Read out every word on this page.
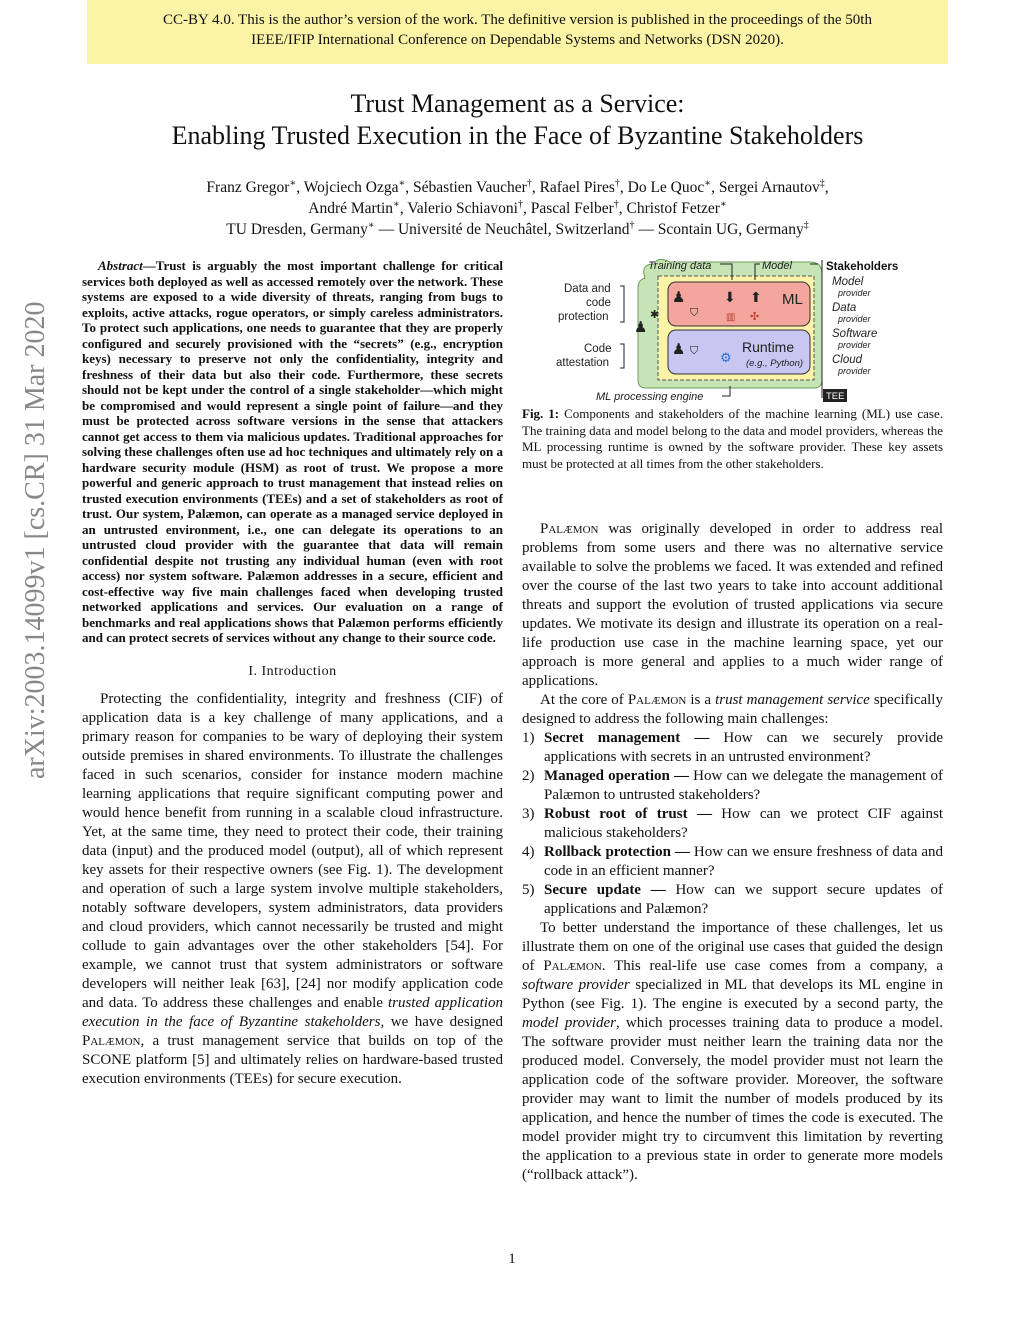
CC-BY 4.0. This is the author’s version of the work. The definitive version is published in the proceedings of the 50th
IEEE/IFIP International Conference on Dependable Systems and Networks (DSN 2020).
arXiv:2003.14099v1 [cs.CR] 31 Mar 2020
Trust Management as a Service:
Enabling Trusted Execution in the Face of Byzantine Stakeholders
Franz Gregor∗, Wojciech Ozga∗, Sébastien Vaucher†, Rafael Pires†, Do Le Quoc∗, Sergei Arnautov‡,
André Martin∗, Valerio Schiavoni†, Pascal Felber†, Christof Fetzer∗
TU Dresden, Germany∗ — Université de Neuchâtel, Switzerland† — Scontain UG, Germany‡

Abstract—Trust is arguably the most important challenge for critical services both deployed as well as accessed remotely over the network. These systems are exposed to a wide diversity of threats, ranging from bugs to exploits, active attacks, rogue operators, or simply careless administrators. To protect such applications, one needs to guarantee that they are properly configured and securely provisioned with the “secrets” (e.g., encryption keys) necessary to preserve not only the confidentiality, integrity and freshness of their data but also their code. Furthermore, these secrets should not be kept under the control of a single stakeholder—which might be compromised and would represent a single point of failure—and they must be protected across software versions in the sense that attackers cannot get access to them via malicious updates. Traditional approaches for solving these challenges often use ad hoc techniques and ultimately rely on a hardware security module (HSM) as root of trust. We propose a more powerful and generic approach to trust management that instead relies on trusted execution environments (TEEs) and a set of stakeholders as root of trust. Our system, Palæmon, can operate as a managed service deployed in an untrusted environment, i.e., one can delegate its operations to an untrusted cloud provider with the guarantee that data will remain confidential despite not trusting any individual human (even with root access) nor system software. Palæmon addresses in a secure, efficient and cost-effective way five main challenges faced when developing trusted networked applications and services. Our evaluation on a range of benchmarks and real applications shows that Palæmon performs efficiently and can protect secrets of services without any change to their source code.

I. Introduction

Protecting the confidentiality, integrity and freshness (CIF) of application data is a key challenge of many applications, and a primary reason for companies to be wary of deploying their system outside premises in shared environments. To illustrate the challenges faced in such scenarios, consider for instance modern machine learning applications that require significant computing power and would hence benefit from running in a scalable cloud infrastructure. Yet, at the same time, they need to protect their code, their training data (input) and the produced model (output), all of which represent key assets for their respective owners (see Fig. 1). The development and operation of such a large system involve multiple stakeholders, notably software developers, system administrators, data providers and cloud providers, which cannot necessarily be trusted and might collude to gain advantages over the other stakeholders [54]. For example, we cannot trust that system administrators or software developers will neither leak [63], [24] nor modify application code and data. To address these challenges and enable trusted application execution in the face of Byzantine stakeholders, we have designed Palæmon, a trust management service that builds on top of the SCONE platform [5] and ultimately relies on hardware-based trusted execution environments (TEEs) for secure execution.

Training data	Model	Stakeholders
♟	⬇ ⬆
▥ ✣
⛉
ML
♟ ⛉ ⚙
Runtime
(e.g., Python)
♟
✱
Data and
code
protection
Code
attestation
ML processing engine	TEE
Model
provider
Data
provider
Software
provider
Cloud
provider
Fig. 1: Components and stakeholders of the machine learning (ML) use case. The training data and model belong to the data and model providers, whereas the ML processing runtime is owned by the software provider. These key assets must be protected at all times from the other stakeholders.

Palæmon was originally developed in order to address real problems from some users and there was no alternative service available to solve the problems we faced. It was extended and refined over the course of the last two years to take into account additional threats and support the evolution of trusted applications via secure updates. We motivate its design and illustrate its operation on a real-life production use case in the machine learning space, yet our approach is more general and applies to a much wider range of applications.

At the core of Palæmon is a trust management service specifically designed to address the following main challenges:

1) Secret management — How can we securely provide applications with secrets in an untrusted environment?
2) Managed operation — How can we delegate the management of Palæmon to untrusted stakeholders?
3) Robust root of trust — How can we protect CIF against malicious stakeholders?
4) Rollback protection — How can we ensure freshness of data and code in an efficient manner?
5) Secure update — How can we support secure updates of applications and Palæmon?

To better understand the importance of these challenges, let us illustrate them on one of the original use cases that guided the design of Palæmon. This real-life use case comes from a company, a software provider specialized in ML that develops its ML engine in Python (see Fig. 1). The engine is executed by a second party, the model provider, which processes training data to produce a model. The software provider must neither learn the training data nor the produced model. Conversely, the model provider must not learn the application code of the software provider. Moreover, the software provider may want to limit the number of models produced by its application, and hence the number of times the code is executed. The model provider might try to circumvent this limitation by reverting the application to a previous state in order to generate more models (“rollback attack”).

1
